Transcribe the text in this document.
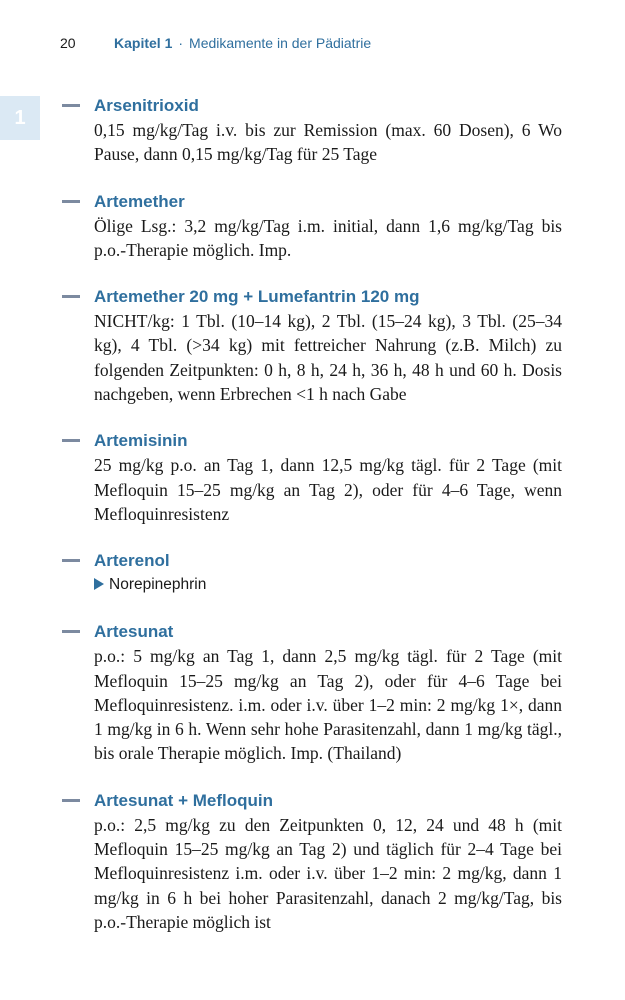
20	Kapitel 1 · Medikamente in der Pädiatrie
1
Arsenitrioxid
0,15 mg/kg/Tag i.v. bis zur Remission (max. 60 Dosen), 6 Wo Pause, dann 0,15 mg/kg/Tag für 25 Tage
Artemether
Ölige Lsg.: 3,2 mg/kg/Tag i.m. initial, dann 1,6 mg/kg/Tag bis p.o.-Therapie möglich. Imp.
Artemether 20 mg + Lumefantrin 120 mg
NICHT/kg: 1 Tbl. (10–14 kg), 2 Tbl. (15–24 kg), 3 Tbl. (25–34 kg), 4 Tbl. (>34 kg) mit fettreicher Nahrung (z.B. Milch) zu folgenden Zeitpunkten: 0 h, 8 h, 24 h, 36 h, 48 h und 60 h. Dosis nachgeben, wenn Erbrechen <1 h nach Gabe
Artemisinin
25 mg/kg p.o. an Tag 1, dann 12,5 mg/kg tägl. für 2 Tage (mit Mefloquin 15–25 mg/kg an Tag 2), oder für 4–6 Tage, wenn Mefloquinresistenz
Arterenol
Norepinephrin
Artesunat
p.o.: 5 mg/kg an Tag 1, dann 2,5 mg/kg tägl. für 2 Tage (mit Mefloquin 15–25 mg/kg an Tag 2), oder für 4–6 Tage bei Mefloquinresistenz. i.m. oder i.v. über 1–2 min: 2 mg/kg 1×, dann 1 mg/kg in 6 h. Wenn sehr hohe Parasitenzahl, dann 1 mg/kg tägl., bis orale Therapie möglich. Imp. (Thailand)
Artesunat + Mefloquin
p.o.: 2,5 mg/kg zu den Zeitpunkten 0, 12, 24 und 48 h (mit Mefloquin 15–25 mg/kg an Tag 2) und täglich für 2–4 Tage bei Mefloquinresistenz i.m. oder i.v. über 1–2 min: 2 mg/kg, dann 1 mg/kg in 6 h bei hoher Parasitenzahl, danach 2 mg/kg/Tag, bis p.o.-Therapie möglich ist
